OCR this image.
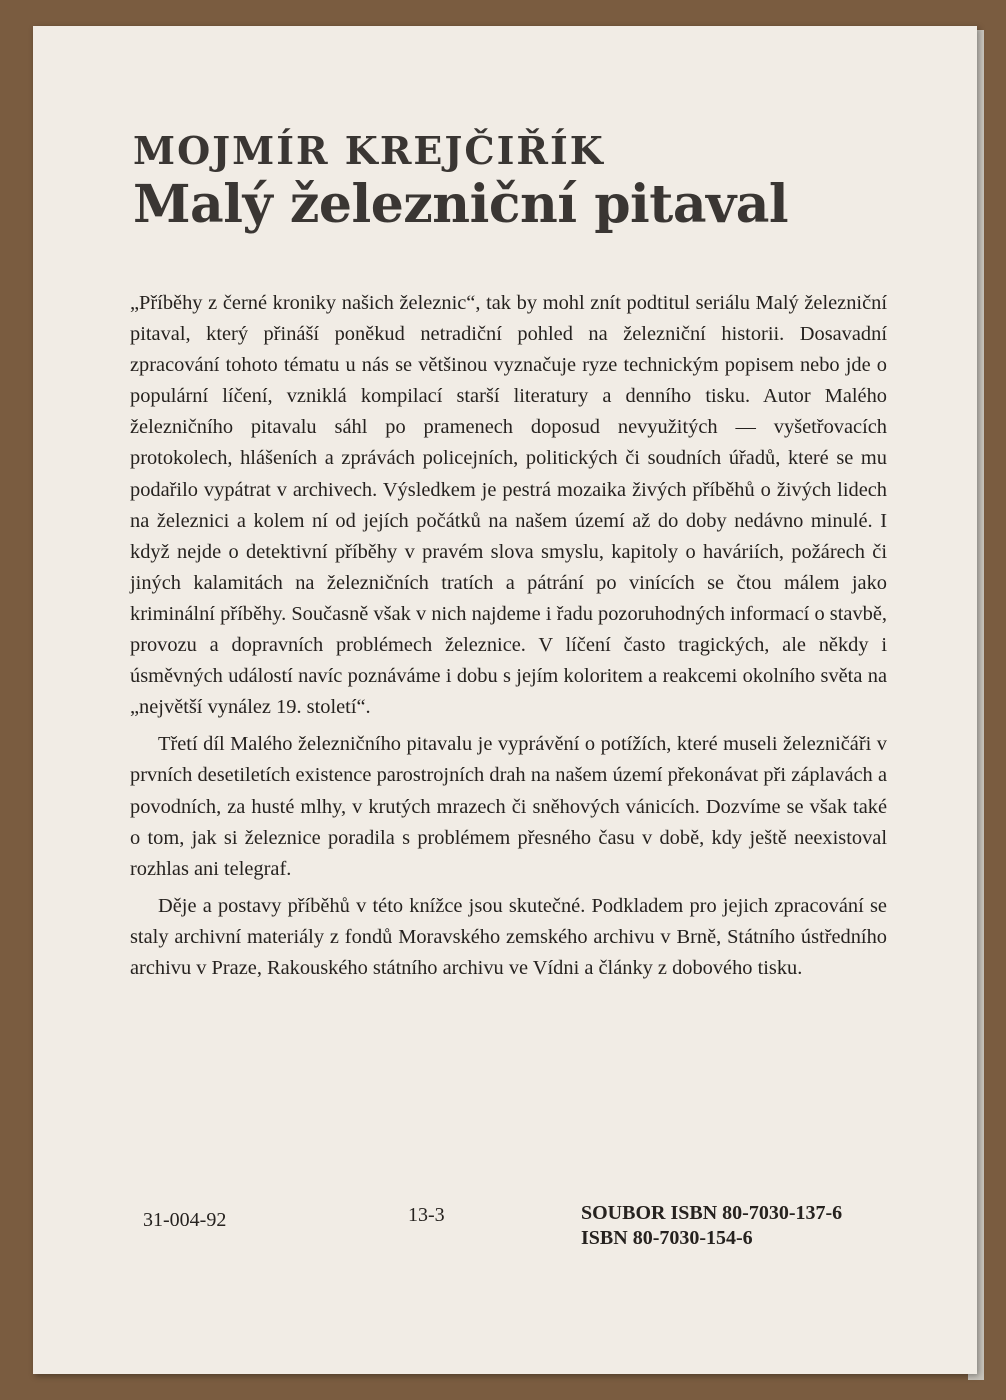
MOJMÍR KREJČIŘÍK
Malý železniční pitaval

„Příběhy z černé kroniky našich železnic“, tak by mohl znít podtitul seriálu Malý železniční pitaval, který přináší poněkud netradiční pohled na železniční historii. Dosavadní zpracování tohoto tématu u nás se většinou vyznačuje ryze technickým popisem nebo jde o populární líčení, vzniklá kompilací starší literatury a denního tisku. Autor Malého železničního pitavalu sáhl po pramenech doposud nevyužitých — vyšetřovacích protokolech, hlášeních a zprávách policejních, politických či soudních úřadů, které se mu podařilo vypátrat v archivech. Výsledkem je pestrá mozaika živých příběhů o živých lidech na železnici a kolem ní od jejích počátků na našem území až do doby nedávno minulé. I když nejde o detektivní příběhy v pravém slova smyslu, kapitoly o haváriích, požárech či jiných kalamitách na železničních tratích a pátrání po vinících se čtou málem jako kriminální příběhy. Současně však v nich najdeme i řadu pozoruhodných informací o stavbě, provozu a dopravních problémech železnice. V líčení často tragických, ale někdy i úsměvných událostí navíc poznáváme i dobu s jejím koloritem a reakcemi okolního světa na „největší vynález 19. století“.

Třetí díl Malého železničního pitavalu je vyprávění o potížích, které museli železničáři v prvních desetiletích existence parostrojních drah na našem území překonávat při záplavách a povodních, za husté mlhy, v krutých mrazech či sněhových vánicích. Dozvíme se však také o tom, jak si železnice poradila s problémem přesného času v době, kdy ještě neexistoval rozhlas ani telegraf.

Děje a postavy příběhů v této knížce jsou skutečné. Podkladem pro jejich zpracování se staly archivní materiály z fondů Moravského zemského archivu v Brně, Státního ústředního archivu v Praze, Rakouského státního archivu ve Vídni a články z dobového tisku.

31-004-92	13-3	SOUBOR ISBN 80-7030-137-6

ISBN 80-7030-154-6
